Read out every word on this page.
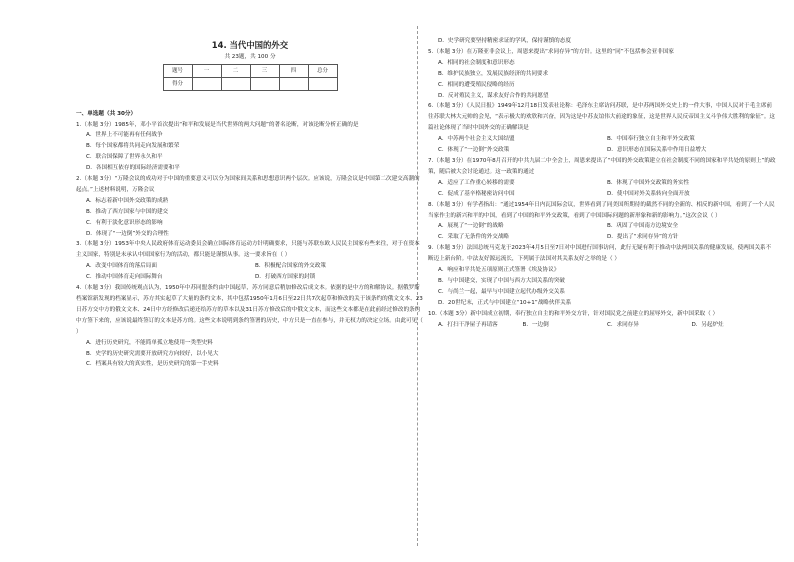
14. 当代中国的外交
共 23题，共 100 分
题号	一	二	三	四	总分
得分					
一、单选题（共 30分）

1.（本题 3分）1985年，邓小平首次提出“和平和发展是当代世界的两大问题”的著名论断，对该论断分析正确的是

A．世界上不可能再有任何战争

B．每个国家都将共同走向发展和繁荣

C．联合国保障了世界永久和平

D．各国相互依存的国际经济需要和平

2.（本题 3分）“万隆会议的成功对于中国的重要意义可以分为国家间关系和思想意识两个层次。应该说，万隆会议是中国第二次建交高潮的起点。”上述材料说明，万隆会议

A．标志着新中国外交政策的成熟

B．推动了西方国家与中国的建交

C．有利于淡化意识形态的影响

D．体现了“一边倒”外交的合理性

3.（本题 3分）1953年中央人民政府体育运动委员会确立国际体育运动方针明确要求，只能与苏联东欧人民民主国家有些来往，对于在资本主义国家，特别是未承认中国国家行为的活动，都只能是谨慎从事。这一要求旨在（ ）

A．改变中国体育的落后局面	B．积极配合国家的外交政策
C．推动中国体育走向国际舞台	D．打破西方国家的封锁

4.（本题 3分）我国传统观点认为，1950年中苏同盟条约由中国起草，苏方同意后稍加修改后成文本。依据的是中方的和解协议。据俄罗斯档案馆新发现的档案显示，苏方其实起草了大量的条约文本，其中包括1950年1月6日至22日共7次起草和修改的关于该条约的俄文文本、23日苏方交中方的俄文文本、24日中方经修改后递还给苏方的草本以及31日苏方修改后的中俄文文本，而这些文本都是在此前经过修改的条约中方签下来的，应该说最终签订的文本是苏方的。这些文本说明到条约签署的历史，中方只是一直在参与，并无权力的决定立场。由此可见（ ）

A．进行历史研究，不能简单孤立地使用一类型史料

B．史学的历史研究需要开放研究方向较好，以小见大

C．档案具有较大的真实性，是历史研究的第一手史料

D．史学研究要坚持精密求证的学风，保持谨慎的态度

5.（本题 3分）在万隆亚非会议上，周恩来提出“求同存异”的方针。这里的“同”不包括参会亚非国家

A．相同的社会制度和意识形态

B．维护民族独立，发展民族经济的共同要求

C．相同的遭受殖民侵略的经历

D．反对殖民主义，谋求友好合作的共同愿望

6.（本题 3分）《人民日报》1949年12月18日发表社论称：毛泽东主席访问苏联，是中苏两国外交史上的一件大事，中国人民对于毛主席前往苏联大林大元帅的会见，“表示极大的欢欣和兴奋，因为这是中苏友谊伟大前途的象征，这是世界人民反帝国主义斗争伟大胜利的象征”。这篇社论体现了当时中国外交的正确解读是

A．中苏两个社会主义大国结盟	B．中国奉行独立自主和平外交政策
C．体现了“一边倒”外交政策	D．意识形态在国际关系中作用日益增大

7.（本题 3分）在1970年8月召开的中共九届二中全会上，周恩来提出了“中国的外交政策建立在社会制度不同的国家和平共处的原则上”的政策，随后被大会讨论通过。这一政策的通过

A．适应了工作重心转移的需要	B．体现了中国外交政策的务实性
C．促成了基辛格秘密访问中国	D．使中国对外关系转向全面开放

8.（本题 3分）有学者指出：“通过1954年日内瓦国际会议，世界看到了同美国所期待的截然不同的全新的、相反的新中国，看到了一个人民当家作主的新兴和平的中国，看到了中国的和平外交政策，看到了中国国际问题的新形象和新的影响力。”这次会议（ ）

A．展现了“一边倒”的战略	B．巩固了中国南方边境安全
C．采取了无条件的外交战略	D．提出了“求同存异”的方针

9.（本题 3分）法国总统马克龙于2023年4月5日至7日对中国进行国事访问，此行无疑有利于推动中法两国关系的健康发展，使两国关系不断迈上新台阶。中法友好源远流长，下列属于法国对其关系友好之举的是（ ）

A．响应和平共处五项原则正式签署《埃及协议》

B．与中国建交，实现了中国与西方大国关系的突破

C．与尚兰一起，最早与中国建立起代办级外交关系

D．20世纪末，正式与中国建立“10+1”战略伙伴关系

10.（本题 3分）新中国成立初期，奉行独立自主的和平外交方针，针对国民党之前建立的屈辱外交，新中国采取（ ）

A．打扫干净屋子再请客	B．一边倒	C．求同存异	D．另起炉灶
